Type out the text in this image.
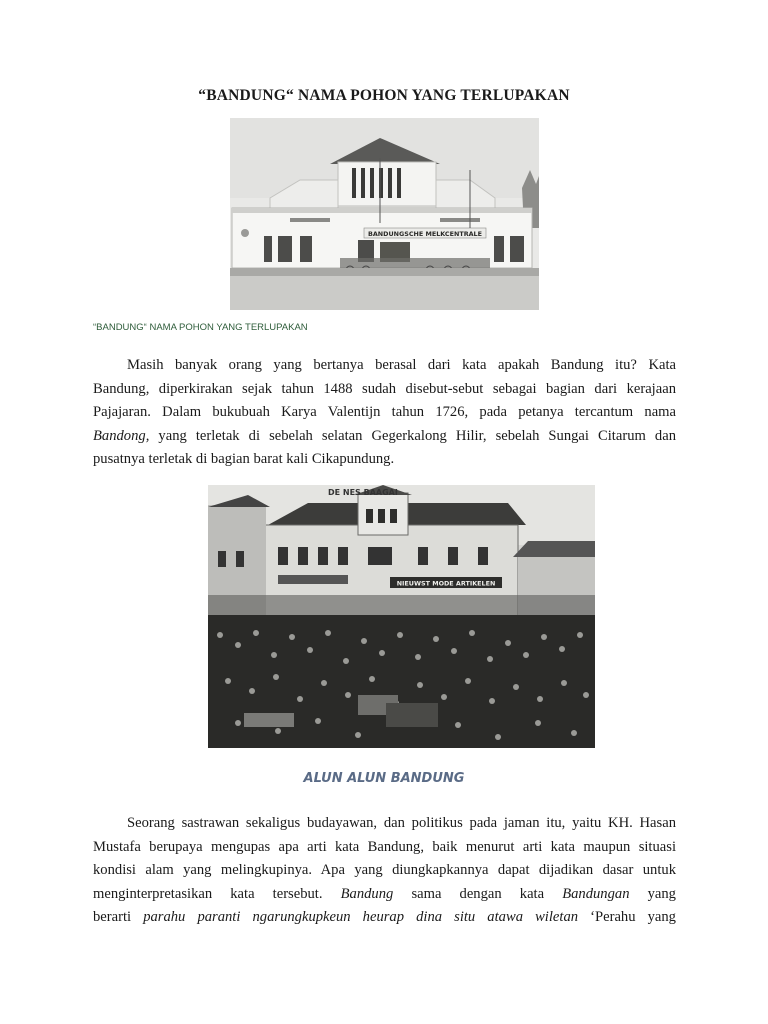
“BANDUNG“ NAMA POHON YANG TERLUPAKAN
BANDUNGSCHE MELKCENTRALE
“BANDUNG“ NAMA POHON YANG TERLUPAKAN
Masih banyak orang yang bertanya berasal dari kata apakah Bandung itu? Kata
Bandung, diperkirakan sejak tahun 1488 sudah disebut-sebut sebagai bagian dari kerajaan
Pajajaran. Dalam bukubuah Karya Valentijn tahun 1726, pada petanya tercantum nama
Bandong, yang terletak di sebelah selatan Gegerkalong Hilir, sebelah Sungai Citarum dan
pusatnya terletak di bagian barat kali Cikapundung.
DE NES BAAGAI
NIEUWST MODE ARTIKELEN
ALUN ALUN BANDUNG
Seorang sastrawan sekaligus budayawan, dan politikus pada jaman itu, yaitu KH. Hasan
Mustafa berupaya mengupas apa arti kata Bandung, baik menurut arti kata maupun situasi
kondisi alam yang melingkupinya. Apa yang diungkapkannya dapat dijadikan dasar untuk
menginterpretasikan kata tersebut. Bandung sama dengan kata Bandungan yang
berarti parahu paranti ngarungkupkeun heurap dina situ atawa wiletan ‘Perahu yang
